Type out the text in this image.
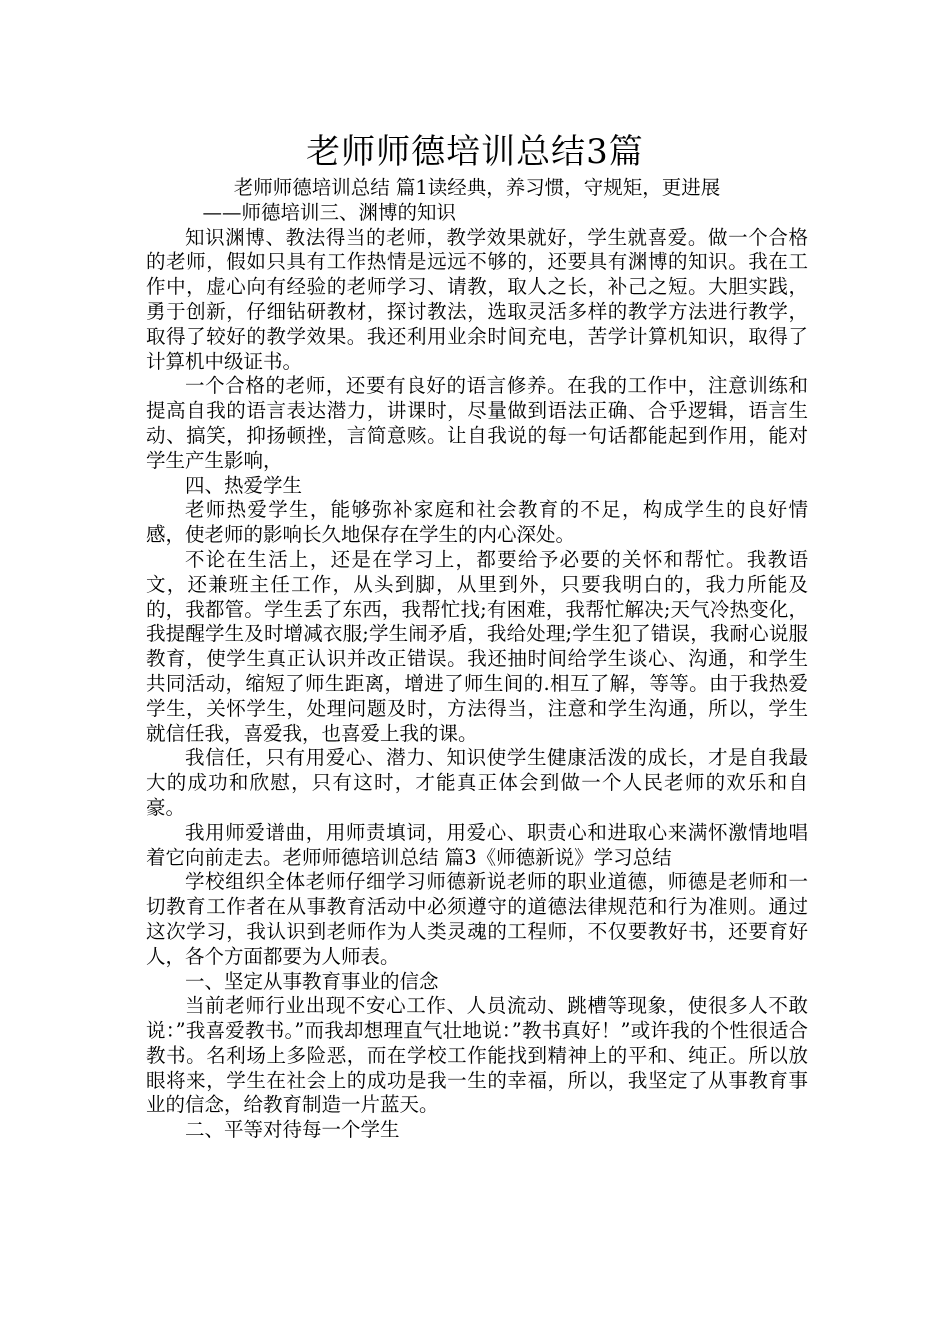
老师师德培训总结3篇

老师师德培训总结 篇1读经典，养习惯，守规矩，更进展

——师德培训三、渊博的知识

知识渊博、教法得当的老师，教学效果就好，学生就喜爱。做一个合格的老师，假如只具有工作热情是远远不够的，还要具有渊博的知识。我在工作中，虚心向有经验的老师学习、请教，取人之长，补己之短。大胆实践，勇于创新，仔细钻研教材，探讨教法，选取灵活多样的教学方法进行教学，取得了较好的教学效果。我还利用业余时间充电，苦学计算机知识，取得了计算机中级证书。

一个合格的老师，还要有良好的语言修养。在我的工作中，注意训练和提高自我的语言表达潜力，讲课时，尽量做到语法正确、合乎逻辑，语言生动、搞笑，抑扬顿挫，言简意赅。让自我说的每一句话都能起到作用，能对学生产生影响，

四、热爱学生

老师热爱学生，能够弥补家庭和社会教育的不足，构成学生的良好情感，使老师的影响长久地保存在学生的内心深处。

不论在生活上，还是在学习上，都要给予必要的关怀和帮忙。我教语文，还兼班主任工作，从头到脚，从里到外，只要我明白的，我力所能及的，我都管。学生丢了东西，我帮忙找;有困难，我帮忙解决;天气冷热变化，我提醒学生及时增减衣服;学生闹矛盾，我给处理;学生犯了错误，我耐心说服教育，使学生真正认识并改正错误。我还抽时间给学生谈心、沟通，和学生共同活动，缩短了师生距离，增进了师生间的.相互了解，等等。由于我热爱学生，关怀学生，处理问题及时，方法得当，注意和学生沟通，所以，学生就信任我，喜爱我，也喜爱上我的课。

我信任，只有用爱心、潜力、知识使学生健康活泼的成长，才是自我最大的成功和欣慰，只有这时，才能真正体会到做一个人民老师的欢乐和自豪。

我用师爱谱曲，用师责填词，用爱心、职责心和进取心来满怀激情地唱着它向前走去。老师师德培训总结 篇3《师德新说》学习总结

学校组织全体老师仔细学习师德新说老师的职业道德，师德是老师和一切教育工作者在从事教育活动中必须遵守的道德法律规范和行为准则。通过这次学习，我认识到老师作为人类灵魂的工程师，不仅要教好书，还要育好人，各个方面都要为人师表。

一、坚定从事教育事业的信念

当前老师行业出现不安心工作、人员流动、跳槽等现象，使很多人不敢说：”我喜爱教书。”而我却想理直气壮地说：”教书真好！”或许我的个性很适合教书。名利场上多险恶，而在学校工作能找到精神上的平和、纯正。所以放眼将来，学生在社会上的成功是我一生的幸福，所以，我坚定了从事教育事业的信念，给教育制造一片蓝天。

二、平等对待每一个学生
